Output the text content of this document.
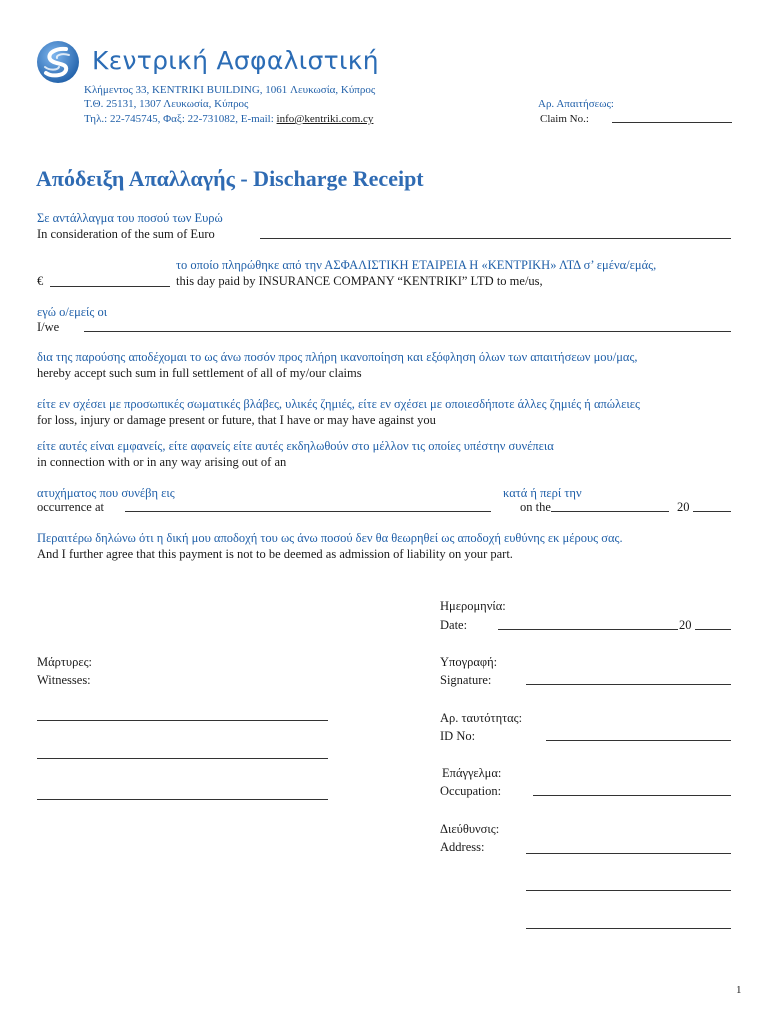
Κεντρική Ασφαλιστική
Κλήμεντος 33, KENTRIKI BUILDING, 1061 Λευκωσία, Κύπρος
Τ.Θ. 25131, 1307 Λευκωσία, Κύπρος
Τηλ.: 22-745745, Φαξ: 22-731082, E-mail: info@kentriki.com.cy
Αρ. Απαιτήσεως:
Claim No.:
Απόδειξη Απαλλαγής - Discharge Receipt
Σε αντάλλαγμα του ποσού των Ευρώ
In consideration of the sum of Euro
το οποίο πληρώθηκε από την ΑΣΦΑΛΙΣΤΙΚΗ ΕΤΑΙΡΕΙΑ Η «ΚΕΝΤΡΙΚΗ» ΛΤΔ σ’ εμένα/εμάς,
€	this day paid by INSURANCE COMPANY “KENTRIKI” LTD to me/us,
εγώ ο/εμείς οι
I/we
δια της παρούσης αποδέχομαι το ως άνω ποσόν προς πλήρη ικανοποίηση και εξόφληση όλων των απαιτήσεων μου/μας,
hereby accept such sum in full settlement of all of my/our claims
είτε εν σχέσει με προσωπικές σωματικές βλάβες, υλικές ζημιές, είτε εν σχέσει με οποιεσδήποτε άλλες ζημιές ή απώλειες
for loss, injury or damage present or future, that I have or may have against you
είτε αυτές είναι εμφανείς, είτε αφανείς είτε αυτές εκδηλωθούν στο μέλλον τις οποίες υπέστην συνέπεια
in connection with or in any way arising out of an
ατυχήματος που συνέβη εις
occurrence at
κατά ή περί την
on the	20
Περαιτέρω δηλώνω ότι η δική μου αποδοχή του ως άνω ποσού δεν θα θεωρηθεί ως αποδοχή ευθύνης εκ μέρους σας.
And I further agree that this payment is not to be deemed as admission of liability on your part.
Ημερομηνία:
Date:	20
Μάρτυρες:
Witnesses:
Υπογραφή:
Signature:
Αρ. ταυτότητας:
ID No:
Επάγγελμα:
Occupation:
Διεύθυνσις:
Address:
1
